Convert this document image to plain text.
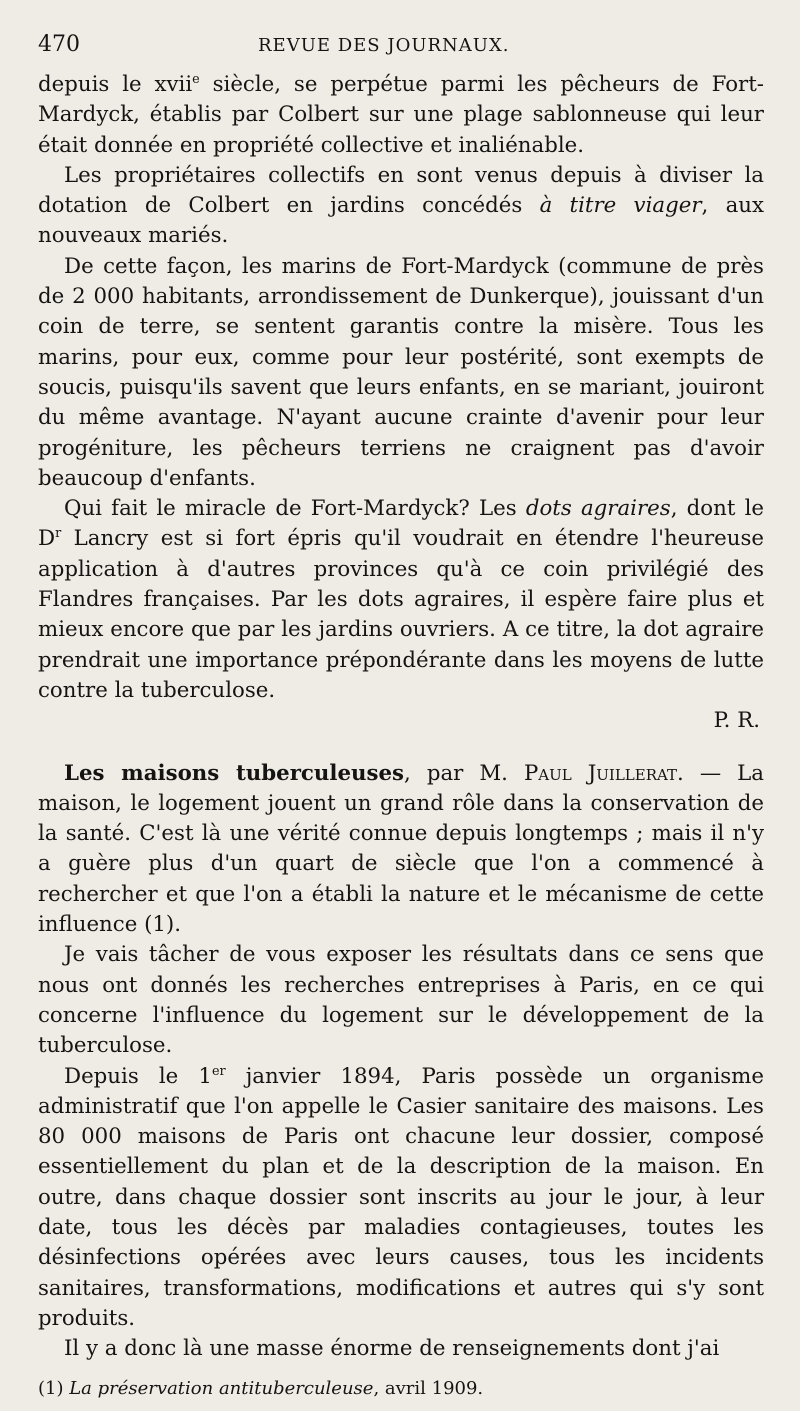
470	REVUE DES JOURNAUX.

depuis le xvii$^e$ siècle, se perpétue parmi les pêcheurs de Fort-Mardyck, établis par Colbert sur une plage sablonneuse qui leur était donnée en propriété collective et inaliénable.

Les propriétaires collectifs en sont venus depuis à diviser la dotation de Colbert en jardins concédés à titre viager, aux nouveaux mariés.

De cette façon, les marins de Fort-Mardyck (commune de près de 2 000 habitants, arrondissement de Dunkerque), jouissant d'un coin de terre, se sentent garantis contre la misère. Tous les marins, pour eux, comme pour leur postérité, sont exempts de soucis, puisqu'ils savent que leurs enfants, en se mariant, jouiront du même avantage. N'ayant aucune crainte d'avenir pour leur progéniture, les pêcheurs terriens ne craignent pas d'avoir beaucoup d'enfants.

Qui fait le miracle de Fort-Mardyck? Les dots agraires, dont le $D^r$ Lancry est si fort épris qu'il voudrait en étendre l'heureuse application à d'autres provinces qu'à ce coin privilégié des Flandres françaises. Par les dots agraires, il espère faire plus et mieux encore que par les jardins ouvriers. A ce titre, la dot agraire prendrait une importance prépondérante dans les moyens de lutte contre la tuberculose.

P. R.

Les maisons tuberculeuses, par M. Paul Juillerat. — La maison, le logement jouent un grand rôle dans la conservation de la santé. C'est là une vérité connue depuis longtemps ; mais il n'y a guère plus d'un quart de siècle que l'on a commencé à rechercher et que l'on a établi la nature et le mécanisme de cette influence (1).

Je vais tâcher de vous exposer les résultats dans ce sens que nous ont donnés les recherches entreprises à Paris, en ce qui concerne l'influence du logement sur le développement de la tuberculose.

Depuis le 1er janvier 1894, Paris possède un organisme administratif que l'on appelle le Casier sanitaire des maisons. Les 80 000 maisons de Paris ont chacune leur dossier, composé essentiellement du plan et de la description de la maison. En outre, dans chaque dossier sont inscrits au jour le jour, à leur date, tous les décès par maladies contagieuses, toutes les désinfections opérées avec leurs causes, tous les incidents sanitaires, transformations, modifications et autres qui s'y sont produits.

Il y a donc là une masse énorme de renseignements dont j'ai

(1) La préservation antituberculeuse, avril 1909.
